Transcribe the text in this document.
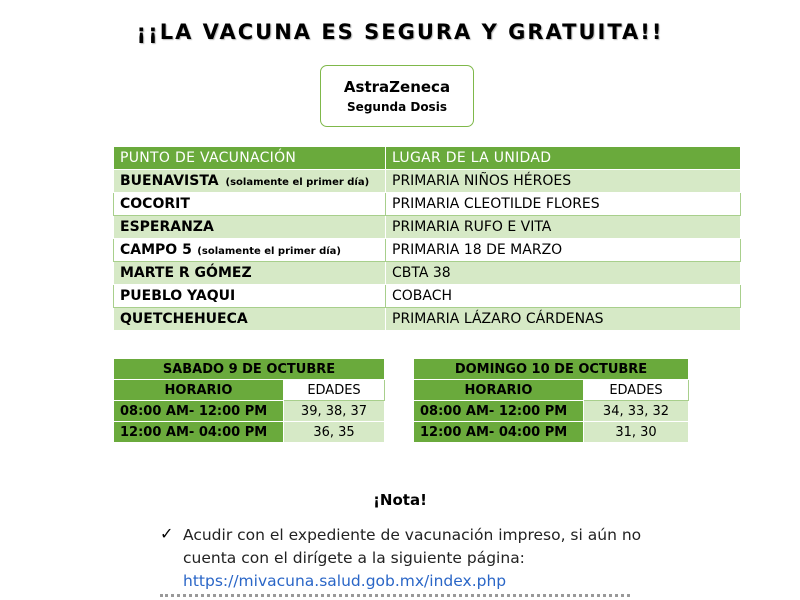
¡¡LA VACUNA ES SEGURA Y GRATUITA!!
AstraZeneca
Segunda Dosis
PUNTO DE VACUNACIÓN	LUGAR DE LA UNIDAD
BUENAVISTA (solamente el primer día)	PRIMARIA NIÑOS HÉROES
COCORIT	PRIMARIA CLEOTILDE FLORES
ESPERANZA	PRIMARIA RUFO E VITA
CAMPO 5 (solamente el primer día)	PRIMARIA 18 DE MARZO
MARTE R GÓMEZ	CBTA 38
PUEBLO YAQUI	COBACH
QUETCHEHUECA	PRIMARIA LÁZARO CÁRDENAS
SABADO 9 DE OCTUBRE	
HORARIO	EDADES
08:00 AM- 12:00 PM	39, 38, 37
12:00 AM- 04:00 PM	36, 35
DOMINGO 10 DE OCTUBRE	
HORARIO	EDADES
08:00 AM- 12:00 PM	34, 33, 32
12:00 AM- 04:00 PM	31, 30
¡Nota!
✓ Acudir con el expediente de vacunación impreso, si aún no
cuenta con el dirígete a la siguiente página:
https://mivacuna.salud.gob.mx/index.php
